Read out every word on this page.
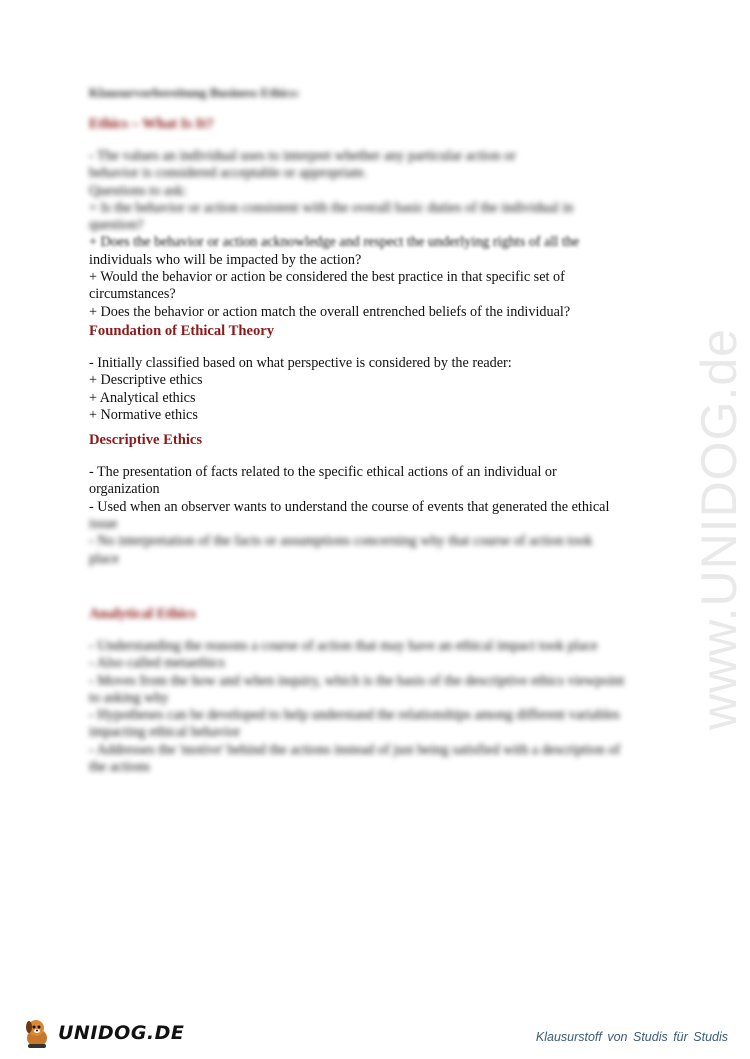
www.UNIDOG.de
Klausurvorbereitung Business Ethics:
Ethics – What Is It?
- The values an individual uses to interpret whether any particular action or
behavior is considered acceptable or appropriate.
Questions to ask:
+ Is the behavior or action consistent with the overall basic duties of the individual in
question?
+ Does the behavior or action acknowledge and respect the underlying rights of all the
individuals who will be impacted by the action?
+ Would the behavior or action be considered the best practice in that specific set of
circumstances?
+ Does the behavior or action match the overall entrenched beliefs of the individual?
Foundation of Ethical Theory
- Initially classified based on what perspective is considered by the reader:
+ Descriptive ethics
+ Analytical ethics
+ Normative ethics
Descriptive Ethics
- The presentation of facts related to the specific ethical actions of an individual or
organization
- Used when an observer wants to understand the course of events that generated the ethical
issue
- No interpretation of the facts or assumptions concerning why that course of action took
place
Analytical Ethics
- Understanding the reasons a course of action that may have an ethical impact took place
- Also called metaethics
- Moves from the how and when inquiry, which is the basis of the descriptive ethics viewpoint
to asking why
- Hypotheses can be developed to help understand the relationships among different variables
impacting ethical behavior
- Addresses the 'motive' behind the actions instead of just being satisfied with a description of
the actions
UNIDOG.DE	Klausurstoff von Studis für Studis
